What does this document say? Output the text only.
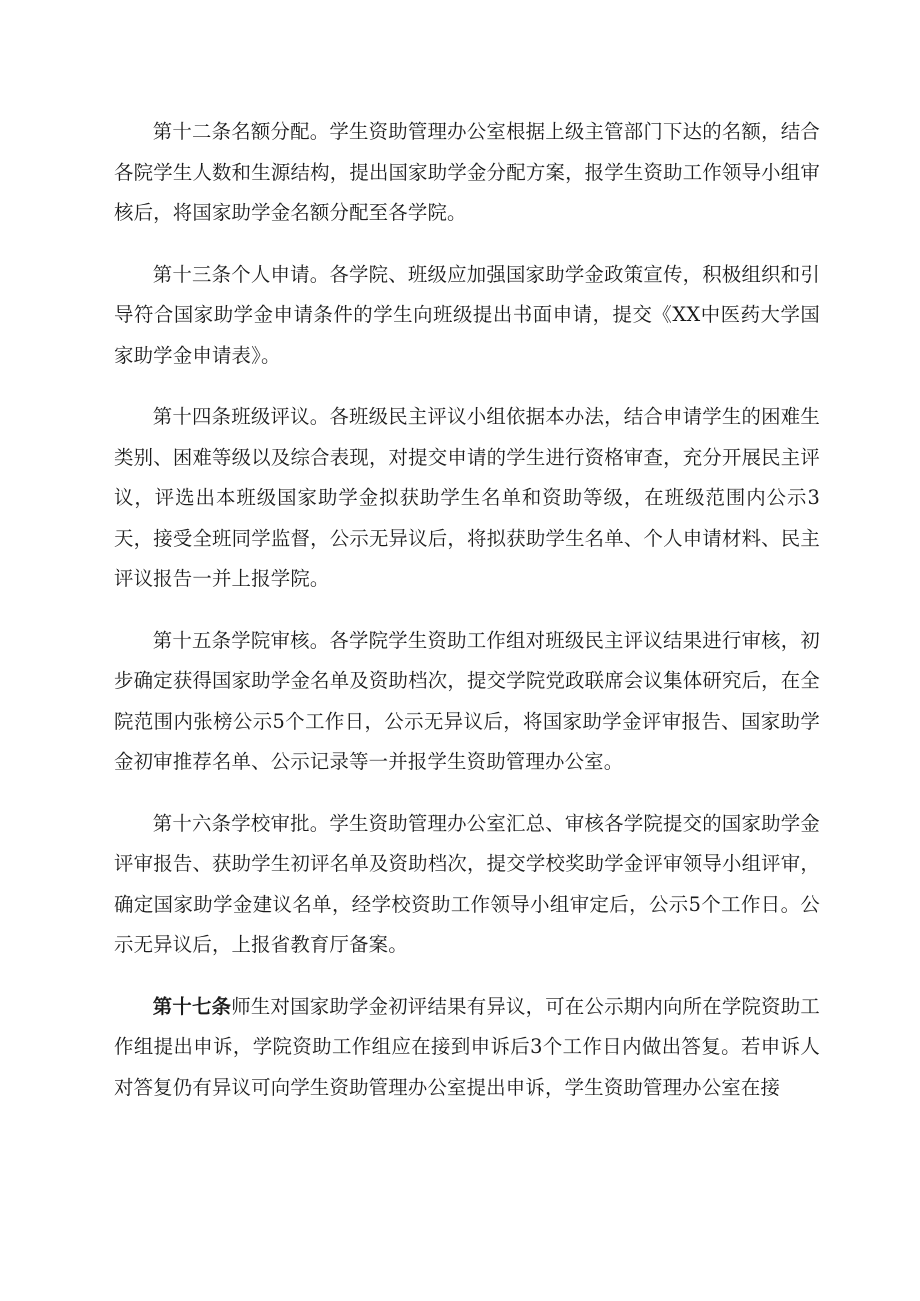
第十二条名额分配。学生资助管理办公室根据上级主管部门下达的名额，结合各院学生人数和生源结构，提出国家助学金分配方案，报学生资助工作领导小组审核后，将国家助学金名额分配至各学院。

第十三条个人申请。各学院、班级应加强国家助学金政策宣传，积极组织和引导符合国家助学金申请条件的学生向班级提出书面申请，提交《XX中医药大学国家助学金申请表》。

第十四条班级评议。各班级民主评议小组依据本办法，结合申请学生的困难生类别、困难等级以及综合表现，对提交申请的学生进行资格审查，充分开展民主评议，评选出本班级国家助学金拟获助学生名单和资助等级，在班级范围内公示3天，接受全班同学监督，公示无异议后，将拟获助学生名单、个人申请材料、民主评议报告一并上报学院。

第十五条学院审核。各学院学生资助工作组对班级民主评议结果进行审核，初步确定获得国家助学金名单及资助档次，提交学院党政联席会议集体研究后，在全院范围内张榜公示5个工作日，公示无异议后，将国家助学金评审报告、国家助学金初审推荐名单、公示记录等一并报学生资助管理办公室。

第十六条学校审批。学生资助管理办公室汇总、审核各学院提交的国家助学金评审报告、获助学生初评名单及资助档次，提交学校奖助学金评审领导小组评审，确定国家助学金建议名单，经学校资助工作领导小组审定后，公示5个工作日。公示无异议后，上报省教育厅备案。

第十七条师生对国家助学金初评结果有异议，可在公示期内向所在学院资助工作组提出申诉，学院资助工作组应在接到申诉后3个工作日内做出答复。若申诉人对答复仍有异议可向学生资助管理办公室提出申诉，学生资助管理办公室在接
